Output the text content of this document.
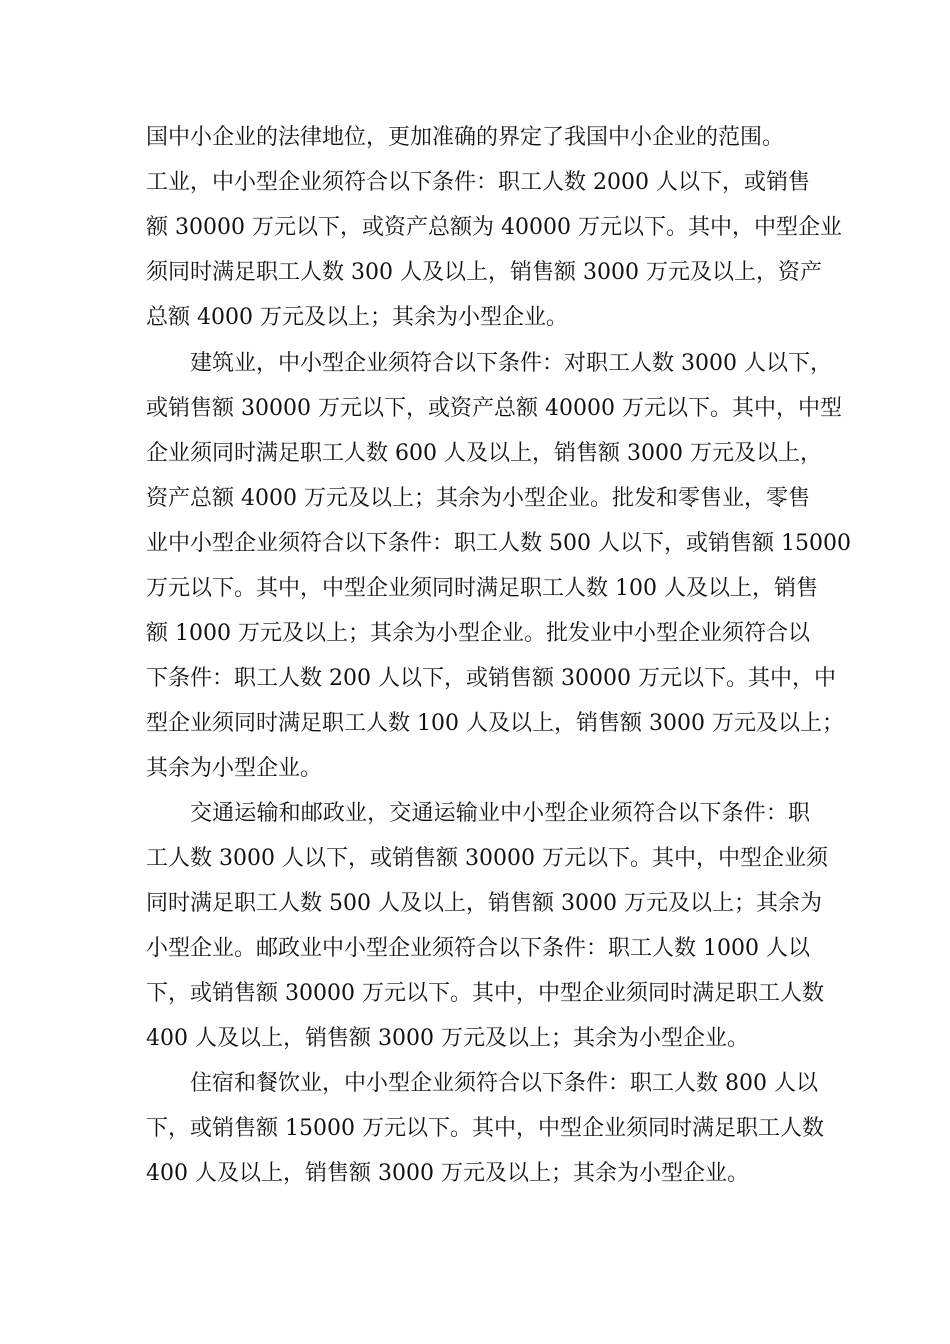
国中小企业的法律地位，更加准确的界定了我国中小企业的范围。
工业，中小型企业须符合以下条件：职工人数 2000 人以下，或销售
额 30000 万元以下，或资产总额为 40000 万元以下。其中，中型企业
须同时满足职工人数 300 人及以上，销售额 3000 万元及以上，资产
总额 4000 万元及以上；其余为小型企业。
建筑业，中小型企业须符合以下条件：对职工人数 3000 人以下，
或销售额 30000 万元以下，或资产总额 40000 万元以下。其中，中型
企业须同时满足职工人数 600 人及以上，销售额 3000 万元及以上，
资产总额 4000 万元及以上；其余为小型企业。批发和零售业，零售
业中小型企业须符合以下条件：职工人数 500 人以下，或销售额 15000
万元以下。其中，中型企业须同时满足职工人数 100 人及以上，销售
额 1000 万元及以上；其余为小型企业。批发业中小型企业须符合以
下条件：职工人数 200 人以下，或销售额 30000 万元以下。其中，中
型企业须同时满足职工人数 100 人及以上，销售额 3000 万元及以上；
其余为小型企业。
交通运输和邮政业，交通运输业中小型企业须符合以下条件：职
工人数 3000 人以下，或销售额 30000 万元以下。其中，中型企业须
同时满足职工人数 500 人及以上，销售额 3000 万元及以上；其余为
小型企业。邮政业中小型企业须符合以下条件：职工人数 1000 人以
下，或销售额 30000 万元以下。其中，中型企业须同时满足职工人数
400 人及以上，销售额 3000 万元及以上；其余为小型企业。
住宿和餐饮业，中小型企业须符合以下条件：职工人数 800 人以
下，或销售额 15000 万元以下。其中，中型企业须同时满足职工人数
400 人及以上，销售额 3000 万元及以上；其余为小型企业。
